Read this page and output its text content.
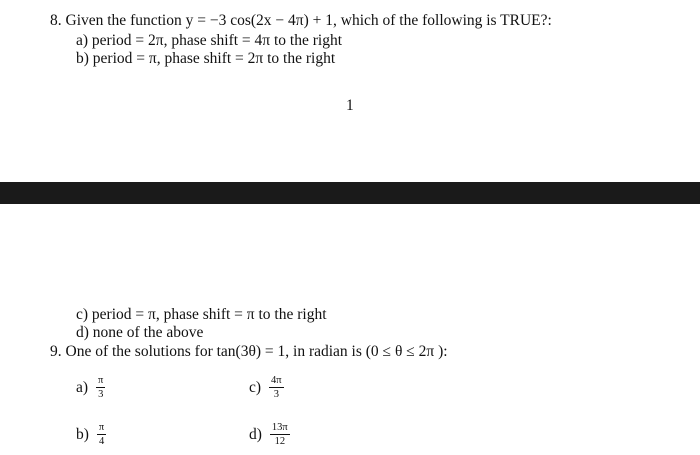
8. Given the function y = −3 cos(2x − 4π) + 1, which of the following is TRUE?:
a) period = 2π, phase shift = 4π to the right
b) period = π, phase shift = 2π to the right
1
c) period = π, phase shift = π to the right
d) none of the above
9. One of the solutions for tan(3θ) = 1, in radian is (0 ≤ θ ≤ 2π ):
$a) \frac{\pi}{3}$
$b) \frac{\pi}{4}$
$c) \frac{4\pi}{3}$
$d) \frac{13\pi}{12}$
